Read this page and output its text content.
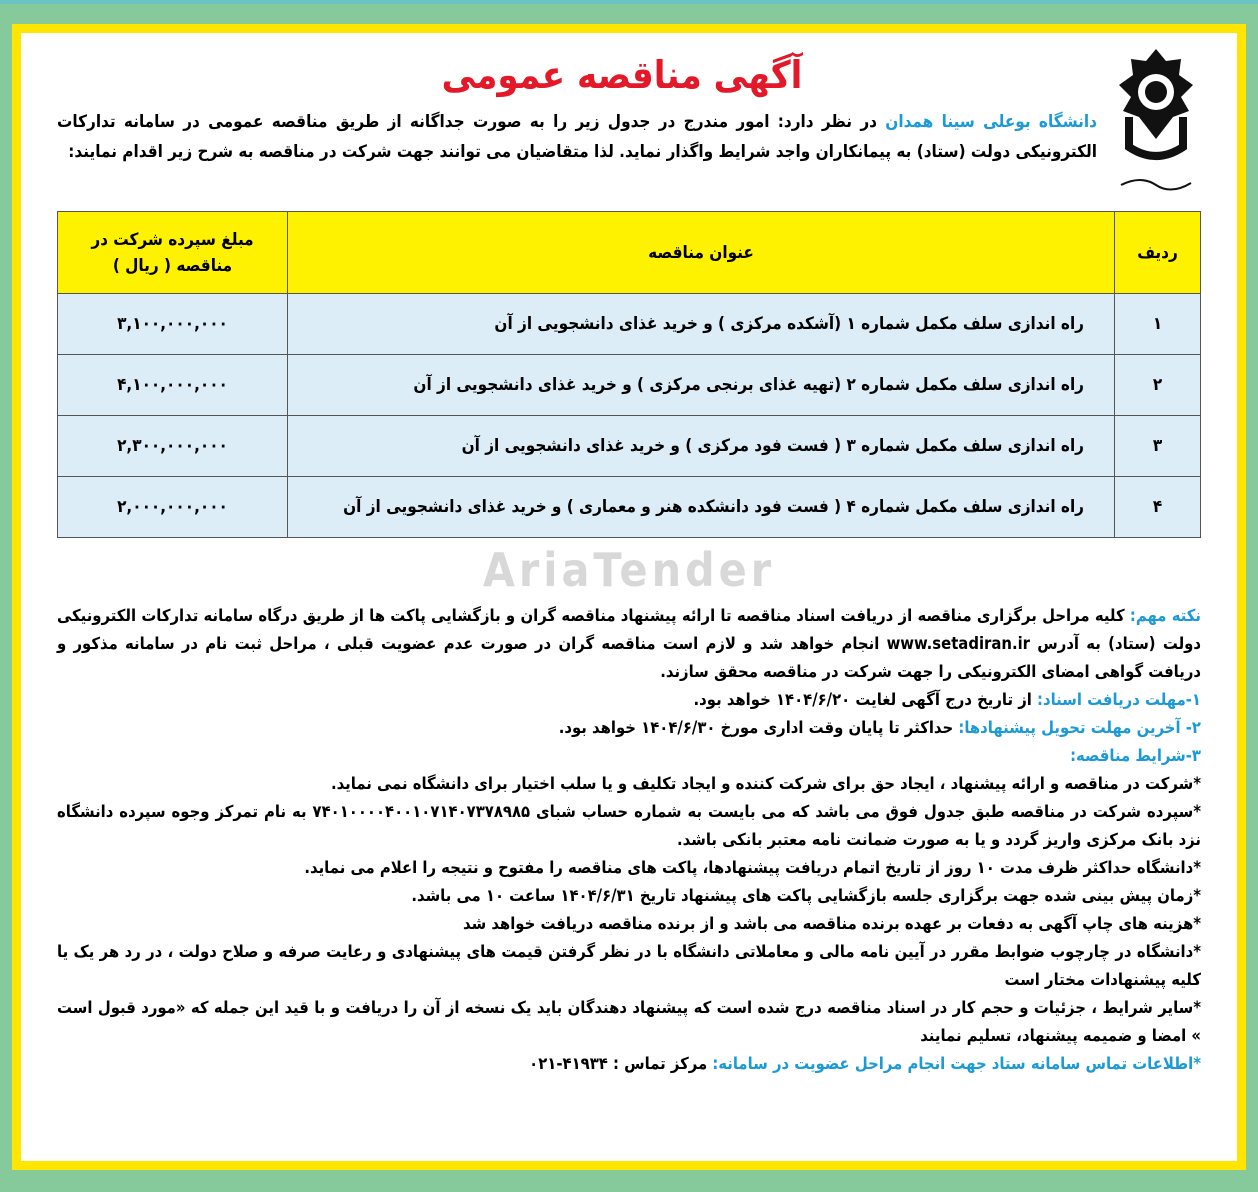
آگهی مناقصه عمومی
دانشگاه بوعلی سینا همدان در نظر دارد: امور مندرج در جدول زیر را به صورت جداگانه از طریق مناقصه عمومی در سامانه تدارکات الکترونیکی دولت (ستاد) به پیمانکاران واجد شرایط واگذار نماید. لذا متقاضیان می توانند جهت شرکت در مناقصه به شرح زیر اقدام نمایند:
ردیف	عنوان مناقصه	مبلغ سپرده شرکت در مناقصه ( ریال )
۱	راه اندازی سلف مکمل شماره ۱ (آشکده مرکزی ) و خرید غذای دانشجویی از آن	۳,۱۰۰,۰۰۰,۰۰۰
۲	راه اندازی سلف مکمل شماره ۲ (تهیه غذای برنجی مرکزی ) و خرید غذای دانشجویی از آن	۴,۱۰۰,۰۰۰,۰۰۰
۳	راه اندازی سلف مکمل شماره ۳ ( فست فود مرکزی ) و خرید غذای دانشجویی از آن	۲,۳۰۰,۰۰۰,۰۰۰
۴	راه اندازی سلف مکمل شماره ۴ ( فست فود دانشکده هنر و معماری ) و خرید غذای دانشجویی از آن	۲,۰۰۰,۰۰۰,۰۰۰
AriaTender

نکته مهم: کلیه مراحل برگزاری مناقصه از دریافت اسناد مناقصه تا ارائه پیشنهاد مناقصه گران و بازگشایی پاکت ها از طریق درگاه سامانه تدارکات الکترونیکی دولت (ستاد) به آدرس www.setadiran.ir انجام خواهد شد و لازم است مناقصه گران در صورت عدم عضویت قبلی ، مراحل ثبت نام در سامانه مذکور و دریافت گواهی امضای الکترونیکی را جهت شرکت در مناقصه محقق سازند.

۱-مهلت دریافت اسناد: از تاریخ درج آگهی لغایت ۱۴۰۴/۶/۲۰ خواهد بود.

۲- آخرین مهلت تحویل پیشنهادها: حداکثر تا پایان وقت اداری مورخ ۱۴۰۴/۶/۳۰ خواهد بود.

۳-شرایط مناقصه:

*شرکت در مناقصه و ارائه پیشنهاد ، ایجاد حق برای شرکت کننده و ایجاد تکلیف و یا سلب اختیار برای دانشگاه نمی نماید.

*سپرده شرکت در مناقصه طبق جدول فوق می باشد که می بایست به شماره حساب شبای ۷۴۰۱۰۰۰۰۴۰۰۱۰۷۱۴۰۷۳۷۸۹۸۵ به نام تمرکز وجوه سپرده دانشگاه نزد بانک مرکزی واریز گردد و یا به صورت ضمانت نامه معتبر بانکی باشد.

*دانشگاه حداکثر ظرف مدت ۱۰ روز از تاریخ اتمام دریافت پیشنهادها، پاکت های مناقصه را مفتوح و نتیجه را اعلام می نماید.

*زمان پیش بینی شده جهت برگزاری جلسه بازگشایی پاکت های پیشنهاد تاریخ ۱۴۰۴/۶/۳۱ ساعت ۱۰ می باشد.

*هزینه های چاپ آگهی به دفعات بر عهده برنده مناقصه می باشد و از برنده مناقصه دریافت خواهد شد

*دانشگاه در چارچوب ضوابط مقرر در آیین نامه مالی و معاملاتی دانشگاه با در نظر گرفتن قیمت های پیشنهادی و رعایت صرفه و صلاح دولت ، در رد هر یک یا کلیه پیشنهادات مختار است

*سایر شرایط ، جزئیات و حجم کار در اسناد مناقصه درج شده است که پیشنهاد دهندگان باید یک نسخه از آن را دریافت و با قید این جمله که «مورد قبول است » امضا و ضمیمه پیشنهاد، تسلیم نمایند

*اطلاعات تماس سامانه ستاد جهت انجام مراحل عضویت در سامانه: مرکز تماس : ۴۱۹۳۴-۰۲۱
